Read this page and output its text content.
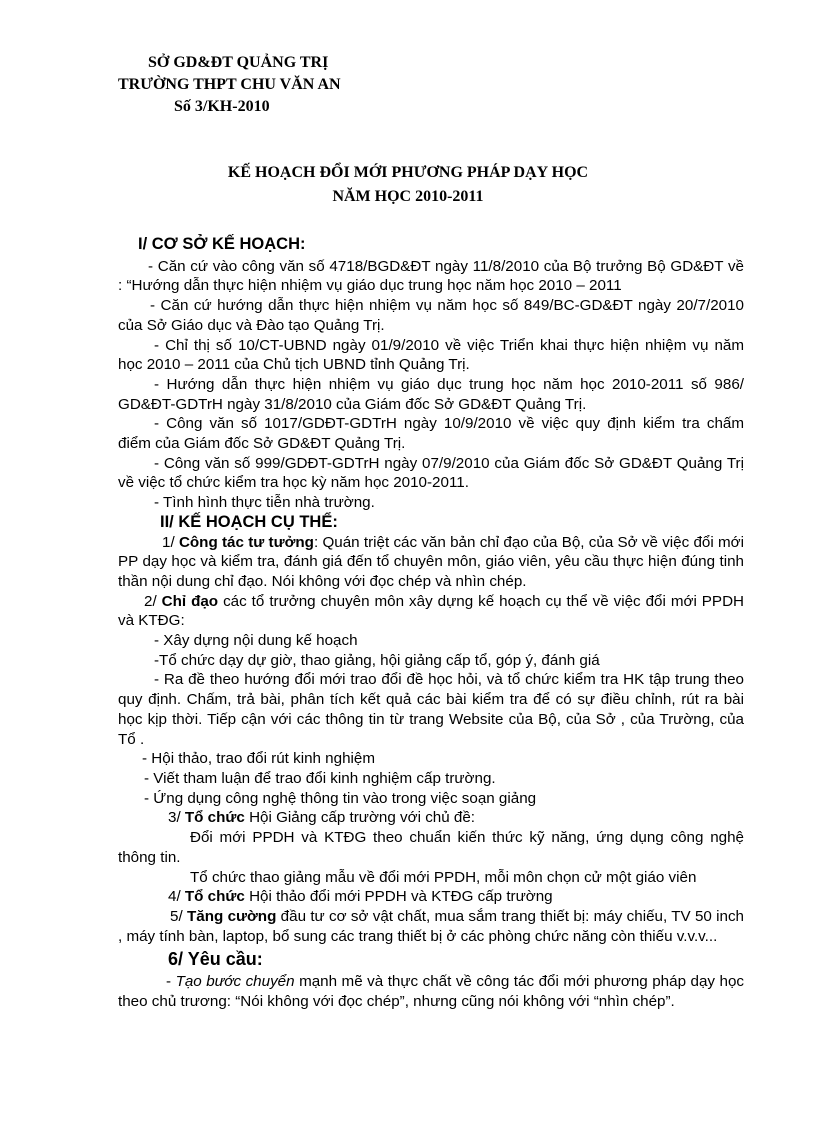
SỞ GD&ĐT QUẢNG TRỊ
TRƯỜNG THPT CHU VĂN AN
Số 3/KH-2010
KẾ HOẠCH ĐỔI MỚI PHƯƠNG PHÁP DẠY HỌC
NĂM HỌC 2010-2011

I/ CƠ SỞ KẾ HOẠCH:

- Căn cứ vào công văn số 4718/BGD&ĐT ngày 11/8/2010 của Bộ trưởng Bộ GD&ĐT về : “Hướng dẫn thực hiện nhiệm vụ giáo dục trung học năm học 2010 – 2011

- Căn cứ hướng dẫn thực hiện nhiệm vụ năm học số 849/BC-GD&ĐT ngày 20/7/2010 của Sở Giáo dục và Đào tạo Quảng Trị.

- Chỉ thị số 10/CT-UBND ngày 01/9/2010 về việc Triển khai thực hiện nhiệm vụ năm học 2010 – 2011 của Chủ tịch UBND tỉnh Quảng Trị.

- Hướng dẫn thực hiện nhiệm vụ giáo dục trung học năm học 2010-2011 số 986/ GD&ĐT-GDTrH ngày 31/8/2010 của Giám đốc Sở GD&ĐT Quảng Trị.

- Công văn số 1017/GDĐT-GDTrH ngày 10/9/2010 về việc quy định kiểm tra chấm điểm của Giám đốc Sở GD&ĐT Quảng Trị.

- Công văn số 999/GDĐT-GDTrH ngày 07/9/2010 của Giám đốc Sở GD&ĐT Quảng Trị về việc tổ chức kiểm tra học kỳ năm học 2010-2011.

- Tình hình thực tiễn nhà trường.

II/ KẾ HOẠCH CỤ THỂ:

1/ Công tác tư tưởng: Quán triệt các văn bản chỉ đạo của Bộ, của Sở về việc đổi mới PP dạy học và kiểm tra, đánh giá đến tổ chuyên môn, giáo viên, yêu cầu thực hiện đúng tinh thần nội dung chỉ đạo. Nói không với đọc chép và nhìn chép.

2/ Chỉ đạo các tổ trưởng chuyên môn xây dựng kế hoạch cụ thể về việc đổi mới PPDH và KTĐG:

- Xây dựng nội dung kế hoạch

-Tổ chức dạy dự giờ, thao giảng, hội giảng cấp tổ, góp ý, đánh giá

- Ra đề theo hướng đổi mới trao đổi đề học hỏi, và tổ chức kiểm tra HK tập trung theo quy định. Chấm, trả bài, phân tích kết quả các bài kiểm tra để có sự điều chỉnh, rút ra bài học kịp thời. Tiếp cận với các thông tin từ trang Website của Bộ, của Sở , của Trường, của Tổ .

- Hội thảo, trao đổi rút kinh nghiệm

- Viết tham luận để trao đổi kinh nghiệm cấp trường.

- Ứng dụng công nghệ thông tin vào trong việc soạn giảng

3/ Tổ chức Hội Giảng cấp trường với chủ đề:

Đổi mới PPDH và KTĐG theo chuẩn kiến thức kỹ năng, ứng dụng công nghệ thông tin.

Tổ chức thao giảng mẫu về đổi mới PPDH, mỗi môn chọn cử một giáo viên

4/ Tổ chức Hội thảo đổi mới PPDH và KTĐG cấp trường

5/ Tăng cường đầu tư cơ sở vật chất, mua sắm trang thiết bị: máy chiếu, TV 50 inch , máy tính bàn, laptop, bổ sung các trang thiết bị ở các phòng chức năng còn thiếu v.v.v...

6/ Yêu cầu:

- Tạo bước chuyển mạnh mẽ và thực chất về công tác đổi mới phương pháp dạy học theo chủ trương: “Nói không với đọc chép”, nhưng cũng nói không với “nhìn chép”.
